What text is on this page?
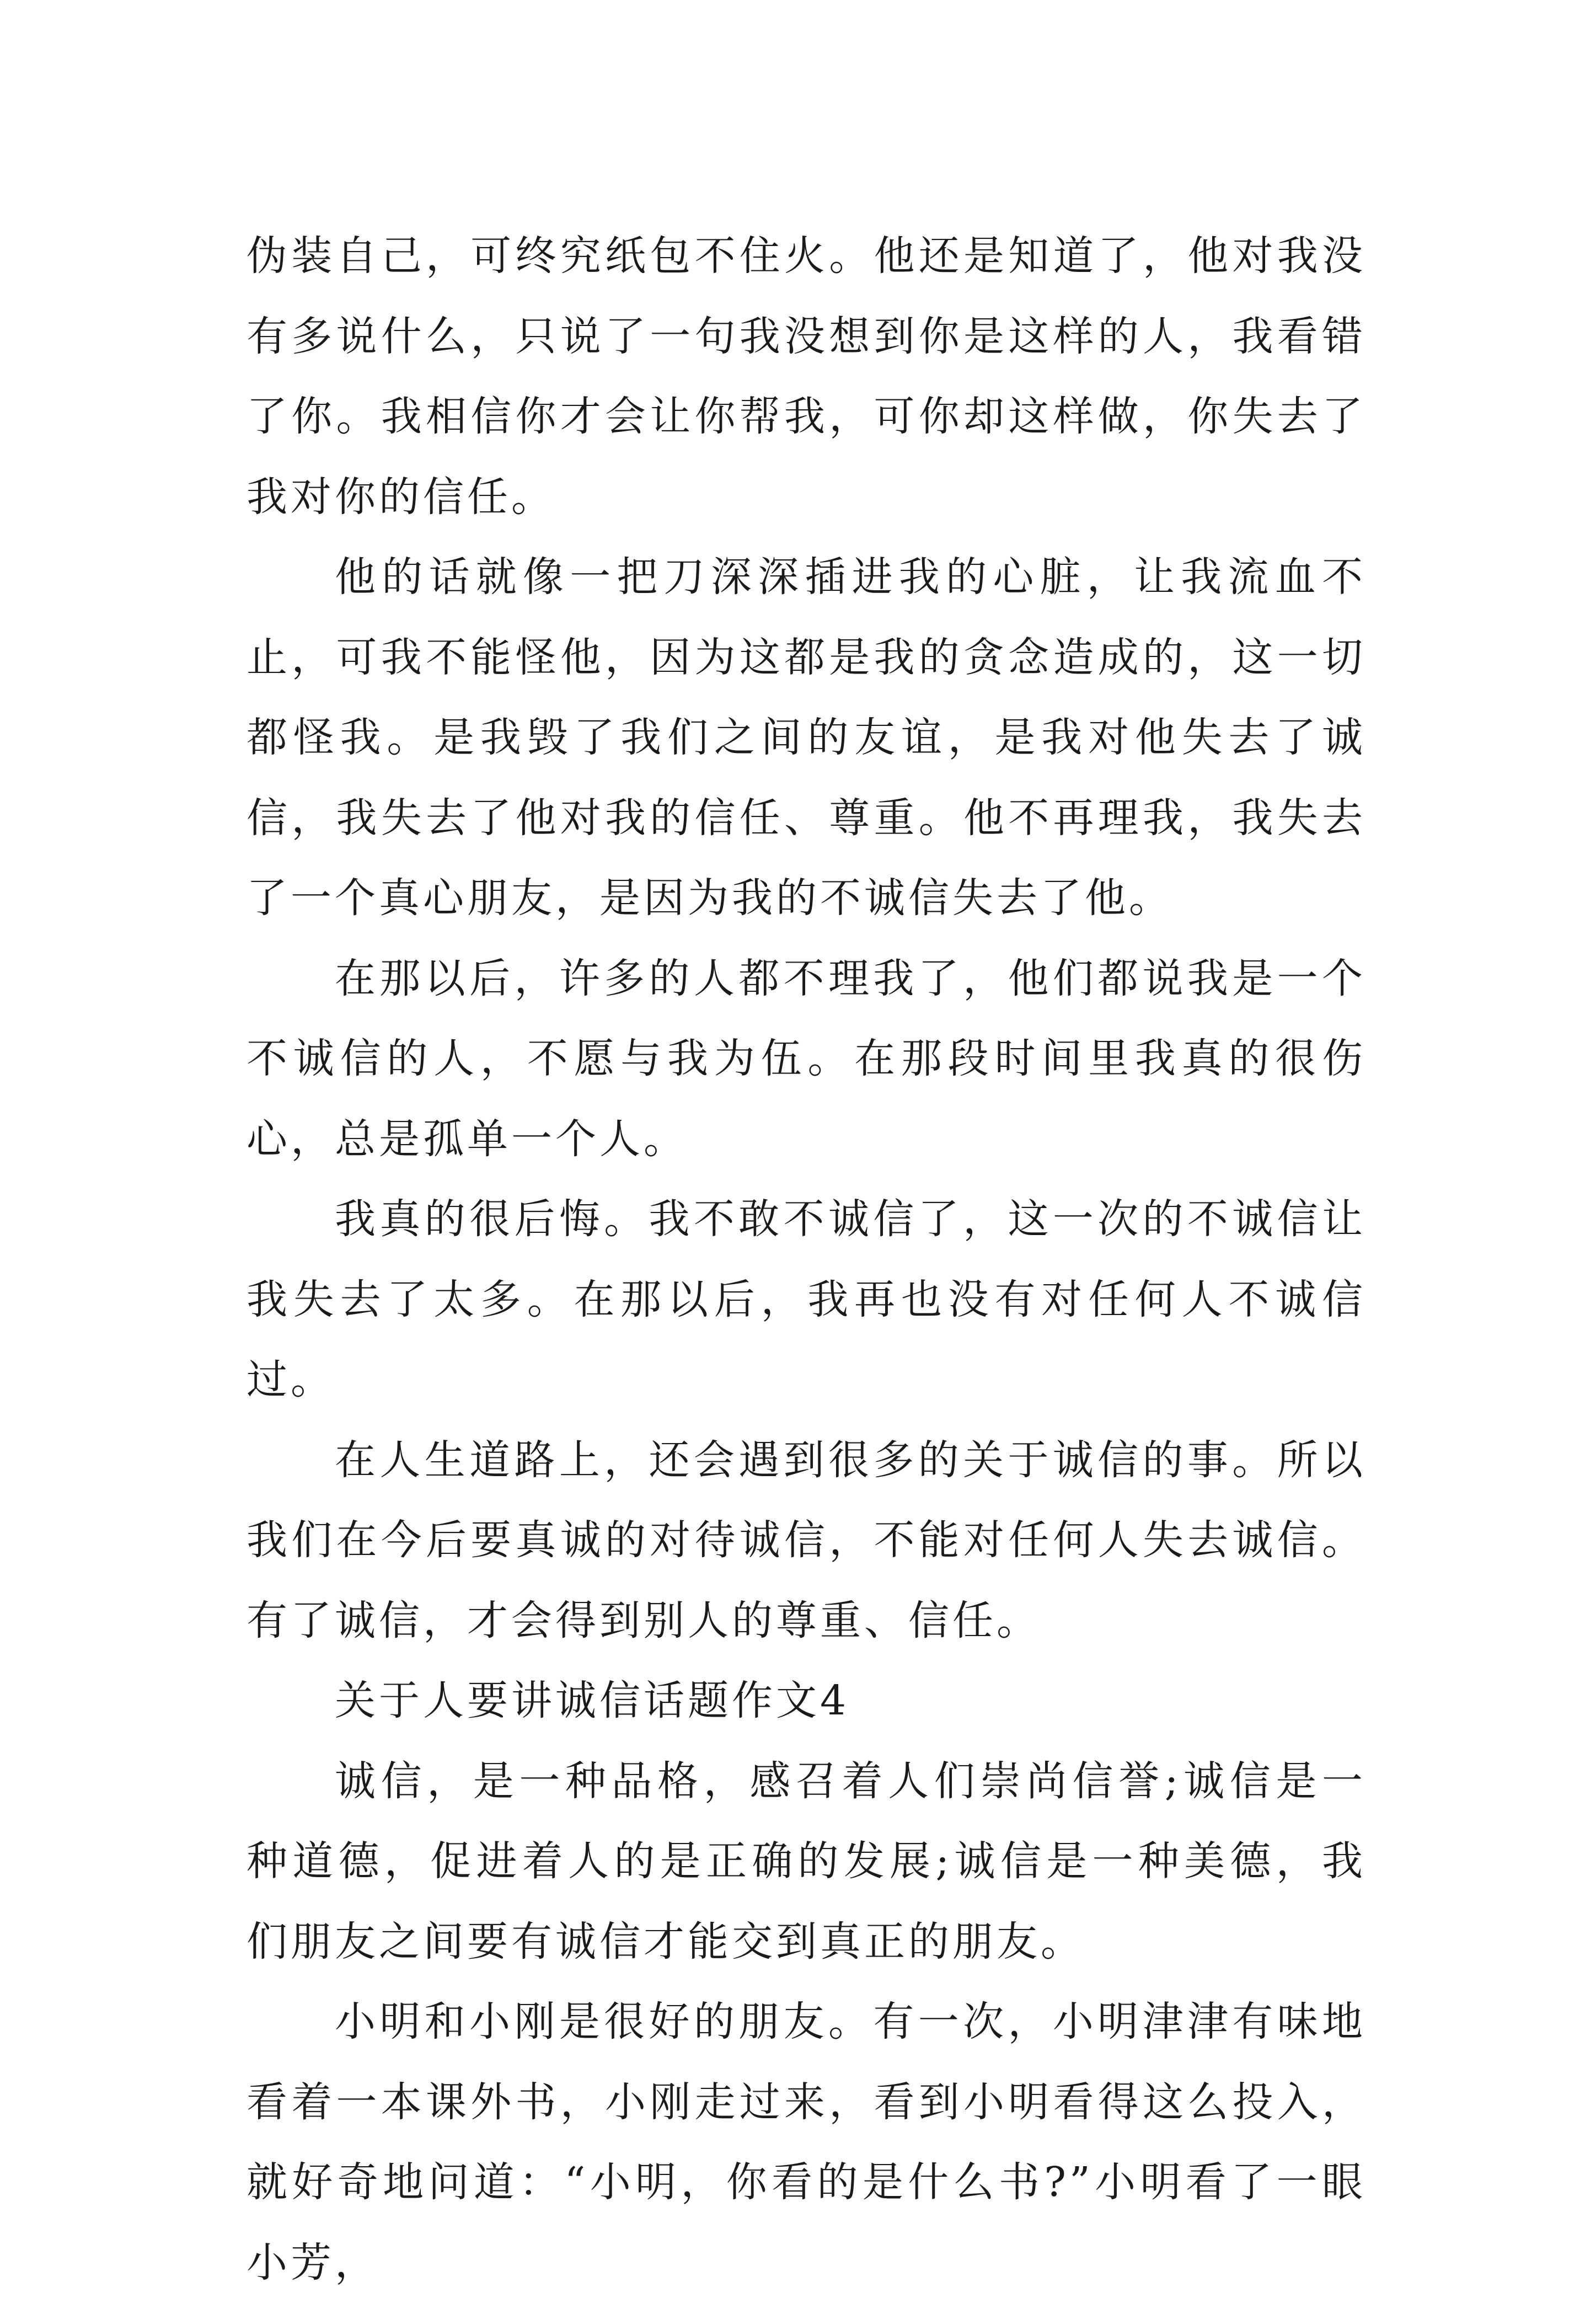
伪装自己，可终究纸包不住火。他还是知道了，他对我没有多说什么，只说了一句我没想到你是这样的人，我看错了你。我相信你才会让你帮我，可你却这样做，你失去了我对你的信任。

他的话就像一把刀深深插进我的心脏，让我流血不止，可我不能怪他，因为这都是我的贪念造成的，这一切都怪我。是我毁了我们之间的友谊，是我对他失去了诚信，我失去了他对我的信任、尊重。他不再理我，我失去了一个真心朋友，是因为我的不诚信失去了他。

在那以后，许多的人都不理我了，他们都说我是一个不诚信的人，不愿与我为伍。在那段时间里我真的很伤心，总是孤单一个人。

我真的很后悔。我不敢不诚信了，这一次的不诚信让我失去了太多。在那以后，我再也没有对任何人不诚信过。

在人生道路上，还会遇到很多的关于诚信的事。所以我们在今后要真诚的对待诚信，不能对任何人失去诚信。有了诚信，才会得到别人的尊重、信任。

关于人要讲诚信话题作文4

诚信，是一种品格，感召着人们崇尚信誉;诚信是一种道德，促进着人的是正确的发展;诚信是一种美德，我们朋友之间要有诚信才能交到真正的朋友。

小明和小刚是很好的朋友。有一次，小明津津有味地看着一本课外书，小刚走过来，看到小明看得这么投入，就好奇地问道：“小明，你看的是什么书?”小明看了一眼小芳，
